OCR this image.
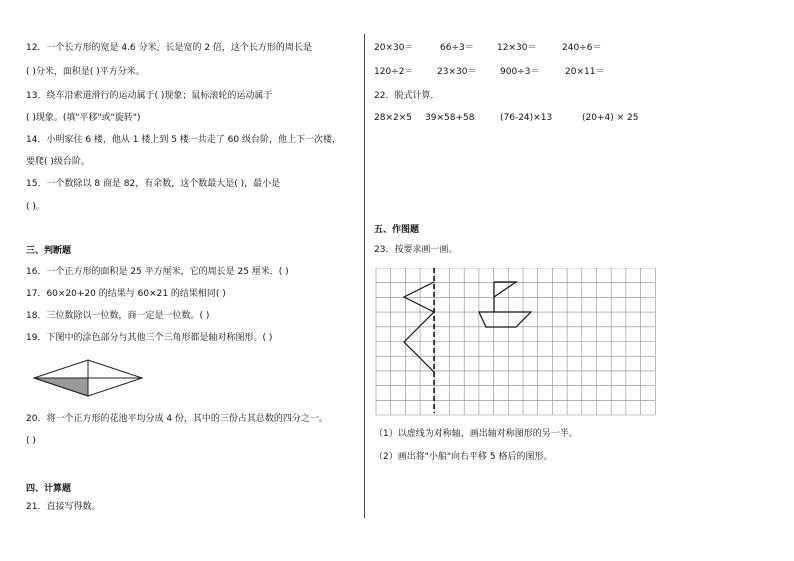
12．一个长方形的宽是 4.6 分米，长是宽的 2 倍，这个长方形的周长是
( )分米，面积是( )平方分米。
13．绕车沿索道滑行的运动属于( )现象；鼠标滚轮的运动属于
( )现象。(填"平移"或"旋转")
14．小明家住 6 楼，他从 1 楼上到 5 楼一共走了 60 级台阶，他上下一次楼，
要爬( )级台阶。
15．一个数除以 8 商是 82，有余数，这个数最大是( )，最小是
( )。
三、判断题
16．一个正方形的面积是 25 平方厘米，它的周长是 25 厘米．( )
17．60×20+20 的结果与 60×21 的结果相同( )
18．三位数除以一位数，商一定是一位数。( )
19．下图中的涂色部分与其他三个三角形都是轴对称图形。( )
20．将一个正方形的花池平均分成 4 份，其中的三份占其总数的四分之一。
( )
四、计算题
21．直接写得数。
20×30＝	66÷3＝	12×30＝	240÷6＝
120÷2＝	23×30＝	900÷3＝	20×11＝
22．脱式计算．
28×2×5 39×58+58	(76-24)×13	(20+4) × 25
五、作图题
23．按要求画一画。
（1）以虚线为对称轴，画出轴对称图形的另一半。
（2）画出将"小船"向右平移 5 格后的图形。
